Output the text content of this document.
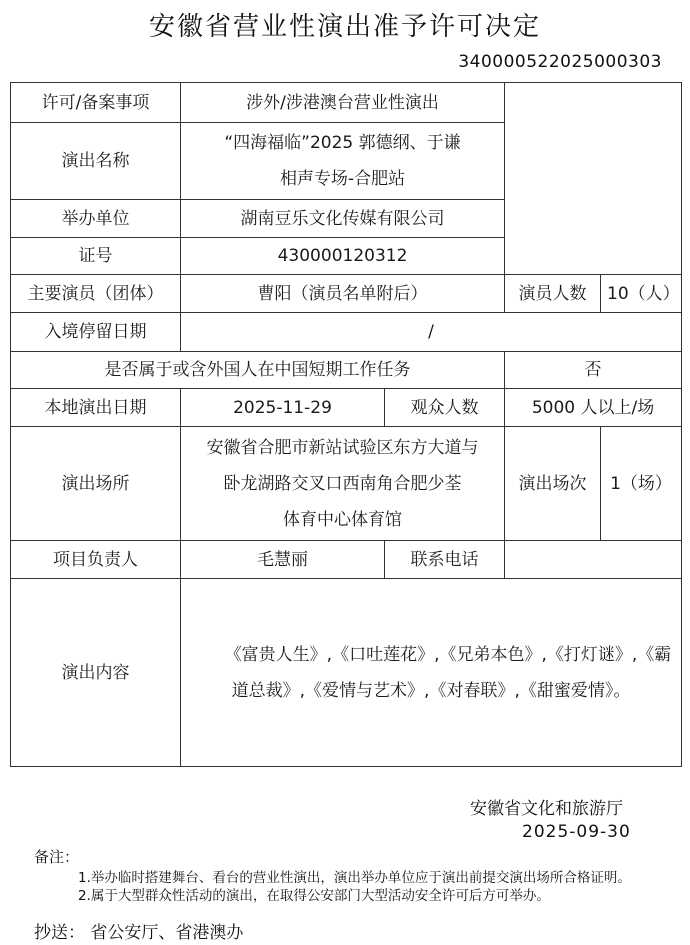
安徽省营业性演出准予许可决定
340000522025000303
许可/备案事项	涉外/涉港澳台营业性演出			
演出名称	“四海福临”2025 郭德纲、于谦
相声专场-合肥站			

举办单位	湖南豆乐文化传媒有限公司			
证号	430000120312			
主要演员（团体）	曹阳（演员名单附后）		演员人数	10（人）
入境停留日期	/			
是否属于或含外国人在中国短期工作任务			否	
本地演出日期	2025-11-29	观众人数	5000 人以上/场	
演出场所	安徽省合肥市新站试验区东方大道与
卧龙湖路交叉口西南角合肥少荃
体育中心体育馆		演出场次	1（场）
项目负责人	毛慧丽	联系电话		
演出内容	《富贵人生》,《口吐莲花》,《兄弟本色》,《打灯谜》,《霸道总裁》,《爱情与艺术》,《对春联》,《甜蜜爱情》。			
安徽省文化和旅游厅
2025-09-30
备注：
1.举办临时搭建舞台、看台的营业性演出，演出举办单位应于演出前提交演出场所合格证明。
2.属于大型群众性活动的演出，在取得公安部门大型活动安全许可后方可举办。
抄送： 省公安厅、省港澳办
